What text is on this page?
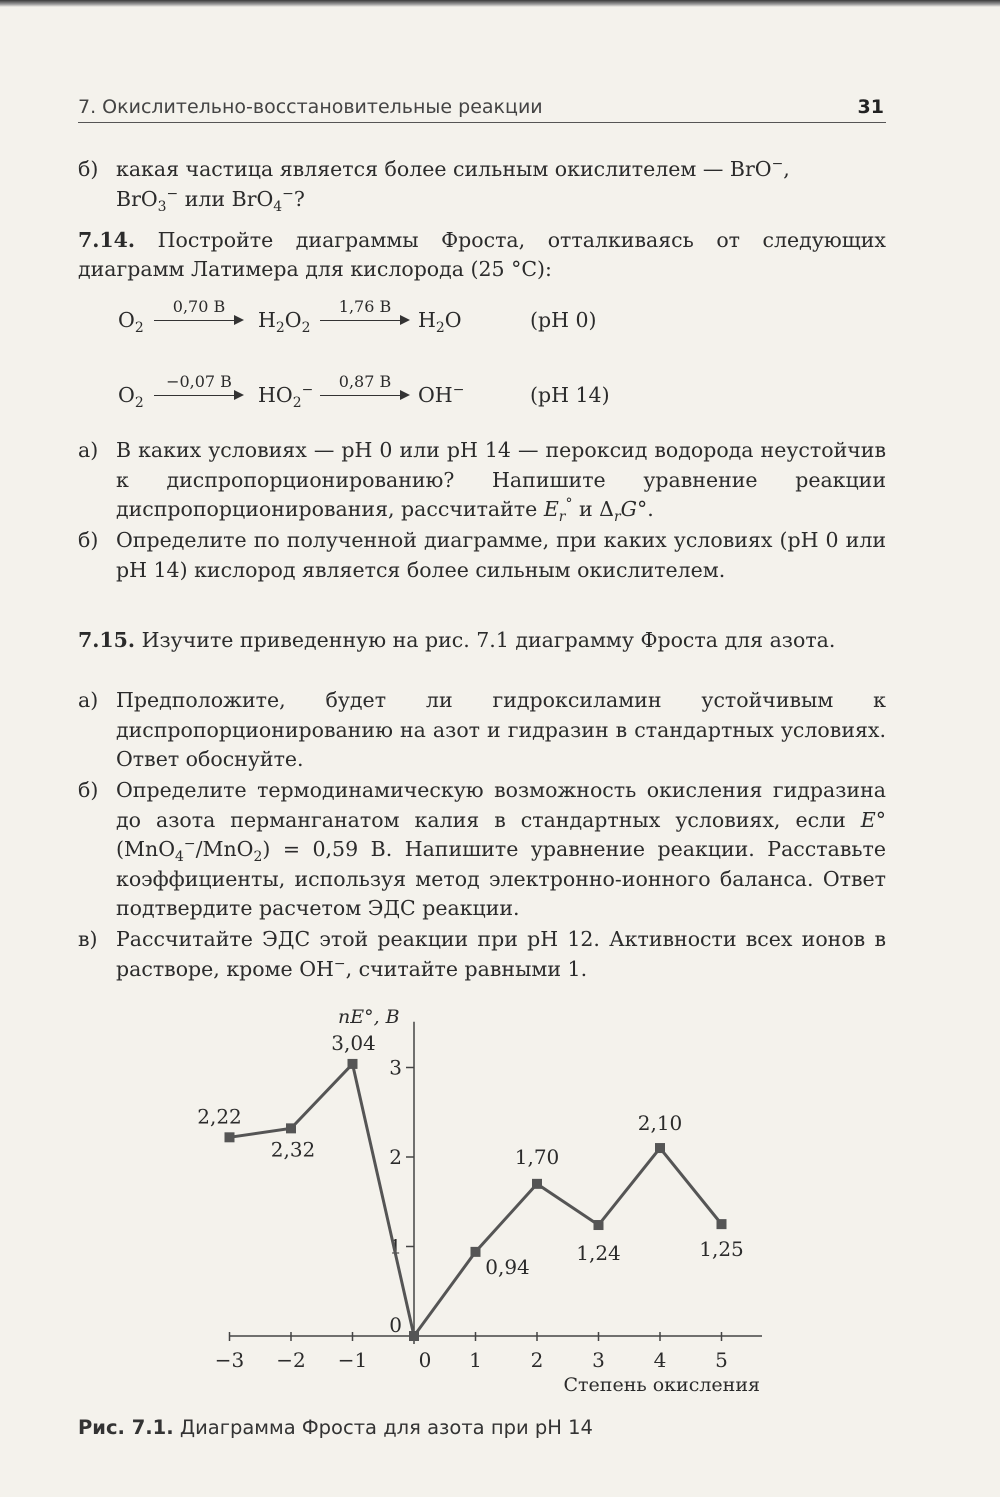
7. Окислительно-восстановительные реакции	31
б) какая частица является более сильным окислителем — BrO−,
BrO$_3$− или BrO$_4$−?
7.14. Постройте диаграммы Фроста, отталкиваясь от следующих диаграмм Латимера для кислорода (25 °С):
$O_2$
0,70 В
$H_2O_2$
1,76 В
$H_2O$	(pH 0)
$O_2$
−0,07 В
$HO_2^-$	0,87 В
OH−	(pH 14)
а) В каких условиях — рН 0 или рН 14 — пероксид водорода неустойчив к диспропорционированию? Напишите уравнение реакции диспропорционирования, рассчитайте $E_r^\circ$ и $\Delta_rG^\circ$.
б) Определите по полученной диаграмме, при каких условиях (рН 0 или рН 14) кислород является более сильным окислителем.
7.15. Изучите приведенную на рис. 7.1 диаграмму Фроста для азота.
а) Предположите, будет ли гидроксиламин устойчивым к диспропорционированию на азот и гидразин в стандартных условиях. Ответ обоснуйте.
б) Определите термодинамическую возможность окисления гидразина до азота перманганатом калия в стандартных условиях, если E°(MnO$_4$−/MnO$_2$) = 0,59 В. Напишите уравнение реакции. Расставьте коэффициенты, используя метод электронно-ионного баланса. Ответ подтвердите расчетом ЭДС реакции.
в) Рассчитайте ЭДС этой реакции при рН 12. Активности всех ионов в растворе, кроме OH−, считайте равными 1.
−3 −2 −1	0 1 2 3 4 5
0
1
2
3
2,22
2,32
3,04
0,94
1,70
1,24
2,10
1,25
nE°, В
Степень окисления
Рис. 7.1. Диаграмма Фроста для азота при рН 14
